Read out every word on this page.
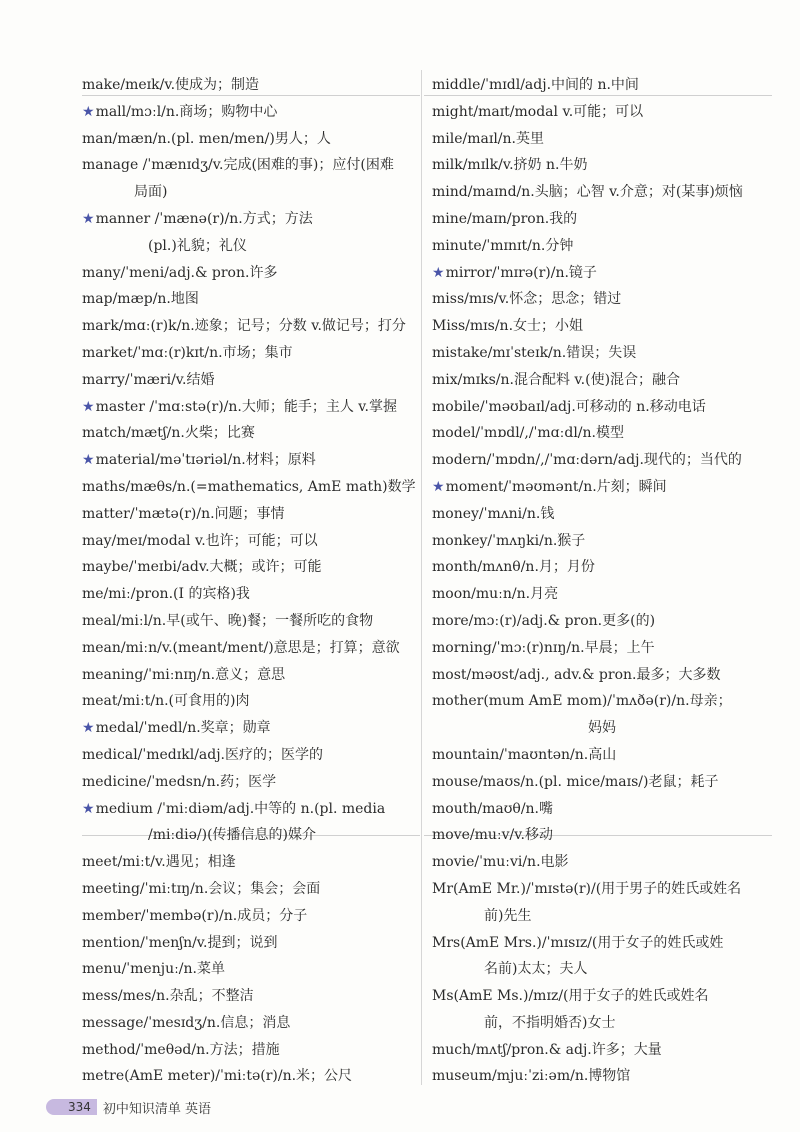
make/meɪk/v.使成为；制造
★mall/mɔːl/n.商场；购物中心
man/mæn/n.(pl. men/men/)男人；人
manage /ˈmænɪdʒ/v.完成(困难的事)；应付(困难
局面)
★manner /ˈmænə(r)/n.方式；方法
(pl.)礼貌；礼仪
many/ˈmeni/adj.& pron.许多
map/mæp/n.地图
mark/mɑː(r)k/n.迹象；记号；分数 v.做记号；打分
market/ˈmɑː(r)kɪt/n.市场；集市
marry/ˈmæri/v.结婚
★master /ˈmɑːstə(r)/n.大师；能手；主人 v.掌握
match/mætʃ/n.火柴；比赛
★material/məˈtɪəriəl/n.材料；原料
maths/mæθs/n.(=mathematics, AmE math)数学
matter/ˈmætə(r)/n.问题；事情
may/meɪ/modal v.也许；可能；可以
maybe/ˈmeɪbi/adv.大概；或许；可能
me/miː/pron.(I 的宾格)我
meal/miːl/n.早(或午、晚)餐；一餐所吃的食物
mean/miːn/v.(meant/ment/)意思是；打算；意欲
meaning/ˈmiːnɪŋ/n.意义；意思
meat/miːt/n.(可食用的)肉
★medal/ˈmedl/n.奖章；勋章
medical/ˈmedɪkl/adj.医疗的；医学的
medicine/ˈmedsn/n.药；医学
★medium /ˈmiːdiəm/adj.中等的 n.(pl. media
/miːdiə/)(传播信息的)媒介
meet/miːt/v.遇见；相逢
meeting/ˈmiːtɪŋ/n.会议；集会；会面
member/ˈmembə(r)/n.成员；分子
mention/ˈmenʃn/v.提到；说到
menu/ˈmenjuː/n.菜单
mess/mes/n.杂乱；不整洁
message/ˈmesɪdʒ/n.信息；消息
method/ˈmeθəd/n.方法；措施
metre(AmE meter)/ˈmiːtə(r)/n.米；公尺
middle/ˈmɪdl/adj.中间的 n.中间
might/maɪt/modal v.可能；可以
mile/maɪl/n.英里
milk/mɪlk/v.挤奶 n.牛奶
mind/maɪnd/n.头脑；心智 v.介意；对(某事)烦恼
mine/maɪn/pron.我的
minute/ˈmɪnɪt/n.分钟
★mirror/ˈmɪrə(r)/n.镜子
miss/mɪs/v.怀念；思念；错过
Miss/mɪs/n.女士；小姐
mistake/mɪˈsteɪk/n.错误；失误
mix/mɪks/n.混合配料 v.(使)混合；融合
mobile/ˈməʊbaɪl/adj.可移动的 n.移动电话
model/ˈmɒdl/,/ˈmɑːdl/n.模型
modern/ˈmɒdn/,/ˈmɑːdərn/adj.现代的；当代的
★moment/ˈməʊmənt/n.片刻；瞬间
money/ˈmʌni/n.钱
monkey/ˈmʌŋki/n.猴子
month/mʌnθ/n.月；月份
moon/muːn/n.月亮
more/mɔː(r)/adj.& pron.更多(的)
morning/ˈmɔː(r)nɪŋ/n.早晨；上午
most/məʊst/adj., adv.& pron.最多；大多数
mother(mum AmE mom)/ˈmʌðə(r)/n.母亲；
妈妈
mountain/ˈmaʊntən/n.高山
mouse/maʊs/n.(pl. mice/maɪs/)老鼠；耗子
mouth/maʊθ/n.嘴
move/muːv/v.移动
movie/ˈmuːvi/n.电影
Mr(AmE Mr.)/ˈmɪstə(r)/(用于男子的姓氏或姓名
前)先生
Mrs(AmE Mrs.)/ˈmɪsɪz/(用于女子的姓氏或姓
名前)太太；夫人
Ms(AmE Ms.)/mɪz/(用于女子的姓氏或姓名
前，不指明婚否)女士
much/mʌtʃ/pron.& adj.许多；大量
museum/mjuːˈziːəm/n.博物馆
334 初中知识清单 英语
